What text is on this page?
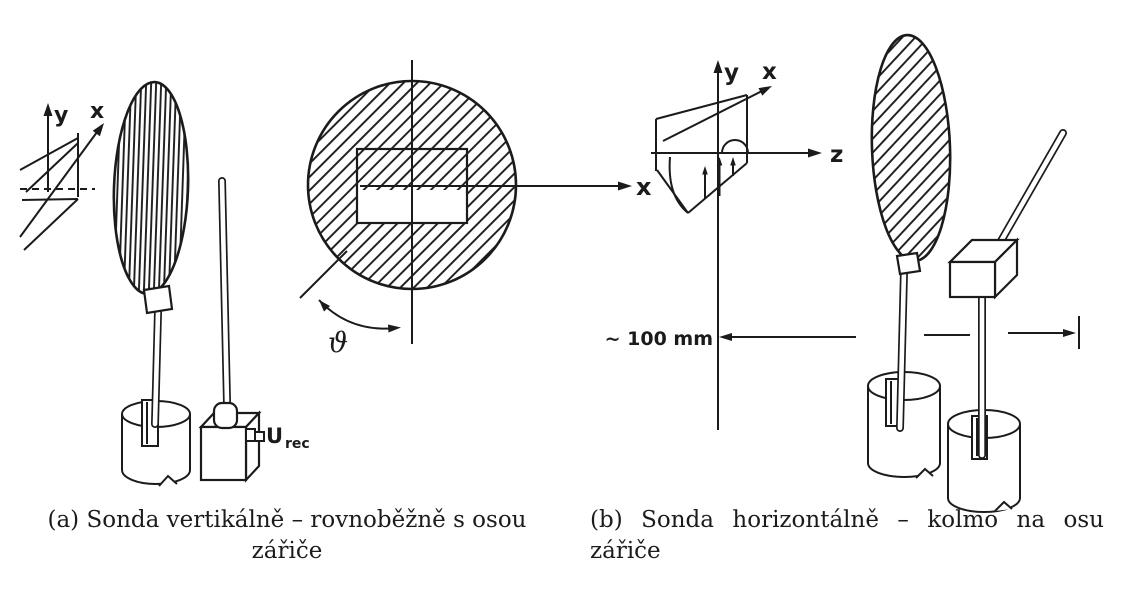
y x
U rec
x
ϑ
y
z
x
~ 100 mm
(a) Sonda vertikálně – rovnoběžně s osou
zářiče
(b) Sonda horizontálně – kolmo na osu
zářiče
